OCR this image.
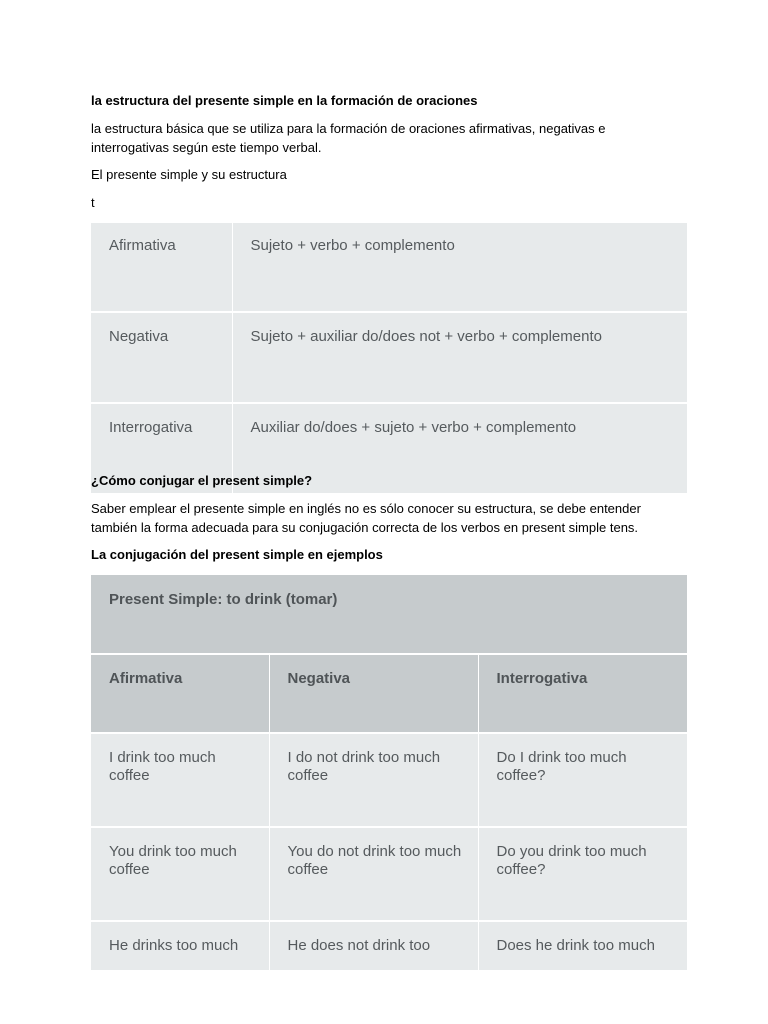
la estructura del presente simple en la formación de oraciones
la estructura básica que se utiliza para la formación de oraciones afirmativas, negativas e interrogativas según este tiempo verbal.
El presente simple y su estructura
t
Afirmativa	Sujeto + verbo + complemento
Negativa	Sujeto + auxiliar do/does not + verbo + complemento
Interrogativa	Auxiliar do/does + sujeto + verbo + complemento
¿Cómo conjugar el present simple?
Saber emplear el presente simple en inglés no es sólo conocer su estructura, se debe entender también la forma adecuada para su conjugación correcta de los verbos en present simple tens.
La conjugación del present simple en ejemplos
Present Simple: to drink (tomar)		
Afirmativa	Negativa	Interrogativa
I drink too much coffee	I do not drink too much coffee	Do I drink too much coffee?
You drink too much coffee	You do not drink too much coffee	Do you drink too much coffee?
He drinks too much	He does not drink too	Does he drink too much
